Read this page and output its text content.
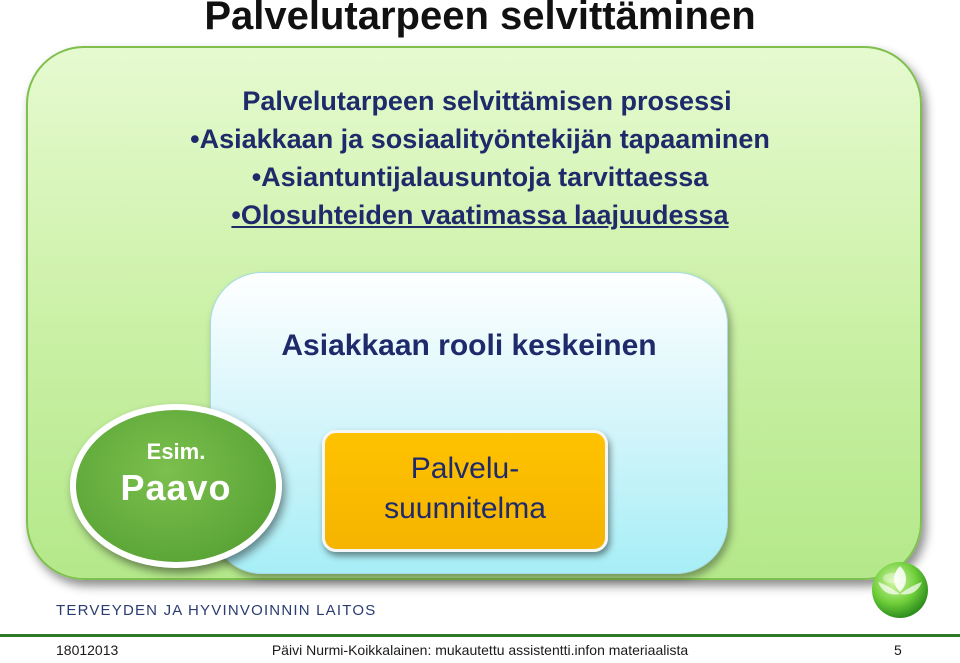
Palvelutarpeen selvittäminen
Palvelutarpeen selvittämisen prosessi
•Asiakkaan ja sosiaalityöntekijän tapaaminen
•Asiantuntijalausuntoja tarvittaessa
•Olosuhteiden vaatimassa laajuudessa
Asiakkaan rooli keskeinen
Palvelu-
suunnitelma
Esim.
Paavo
TERVEYDEN JA HYVINVOINNIN LAITOS
18012013	Päivi Nurmi-Koikkalainen: mukautettu assistentti.infon materiaalista	5
